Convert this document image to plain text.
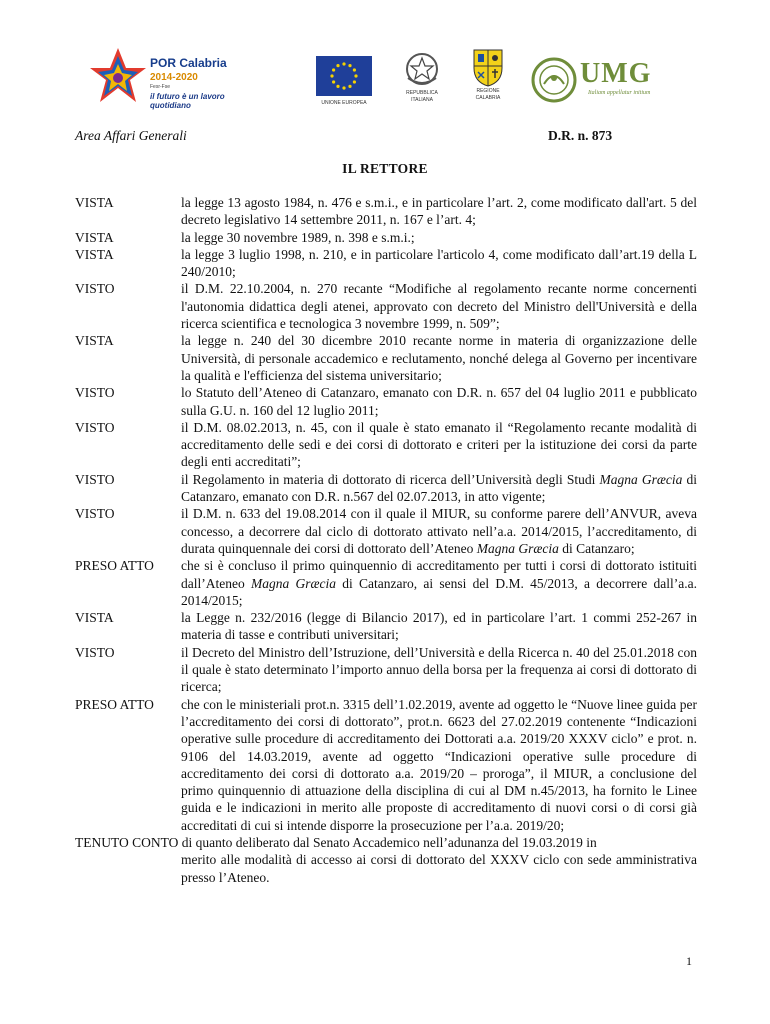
POR Calabria
2014-2020
Fesr-Fse
il futuro è un lavoro quotidiano	UNIONE EUROPEA
REPUBBLICA
ITALIANA
REGIONE
CALABRIA
UMG
Italiam appellatur initium
Area Affari Generali	D.R. n. 873
IL RETTORE
VISTA	la legge 13 agosto 1984, n. 476 e s.m.i., e in particolare l’art. 2, come modificato dall'art. 5 del decreto legislativo 14 settembre 2011, n. 167 e l’art. 4;
VISTA	la legge 30 novembre 1989, n. 398 e s.m.i.;
VISTA	la legge 3 luglio 1998, n. 210, e in particolare l'articolo 4, come modificato dall’art.19 della L 240/2010;
VISTO	il D.M. 22.10.2004, n. 270 recante “Modifiche al regolamento recante norme concernenti l'autonomia didattica degli atenei, approvato con decreto del Ministro dell'Università e della ricerca scientifica e tecnologica 3 novembre 1999, n. 509”;
VISTA	la legge n. 240 del 30 dicembre 2010 recante norme in materia di organizzazione delle Università, di personale accademico e reclutamento, nonché delega al Governo per incentivare la qualità e l'efficienza del sistema universitario;
VISTO	lo Statuto dell’Ateneo di Catanzaro, emanato con D.R. n. 657 del 04 luglio 2011 e pubblicato sulla G.U. n. 160 del 12 luglio 2011;
VISTO	il D.M. 08.02.2013, n. 45, con il quale è stato emanato il “Regolamento recante modalità di accreditamento delle sedi e dei corsi di dottorato e criteri per la istituzione dei corsi da parte degli enti accreditati”;
VISTO	il Regolamento in materia di dottorato di ricerca dell’Università degli Studi Magna Græcia di Catanzaro, emanato con D.R. n.567 del 02.07.2013, in atto vigente;
VISTO	il D.M. n. 633 del 19.08.2014 con il quale il MIUR, su conforme parere dell’ANVUR, aveva concesso, a decorrere dal ciclo di dottorato attivato nell’a.a. 2014/2015, l’accreditamento, di durata quinquennale dei corsi di dottorato dell’Ateneo Magna Græcia di Catanzaro;
PRESO ATTO che si è concluso il primo quinquennio di accreditamento per tutti i corsi di dottorato istituiti dall’Ateneo Magna Græcia di Catanzaro, ai sensi del D.M. 45/2013, a decorrere dall’a.a. 2014/2015;
VISTA	la Legge n. 232/2016 (legge di Bilancio 2017), ed in particolare l’art. 1 commi 252-267 in materia di tasse e contributi universitari;
VISTO	il Decreto del Ministro dell’Istruzione, dell’Università e della Ricerca n. 40 del 25.01.2018 con il quale è stato determinato l’importo annuo della borsa per la frequenza ai corsi di dottorato di ricerca;
PRESO ATTO che con le ministeriali prot.n. 3315 dell’1.02.2019, avente ad oggetto le “Nuove linee guida per l’accreditamento dei corsi di dottorato”, prot.n. 6623 del 27.02.2019 contenente “Indicazioni operative sulle procedure di accreditamento dei Dottorati a.a. 2019/20 XXXV ciclo” e prot. n. 9106 del 14.03.2019, avente ad oggetto “Indicazioni operative sulle procedure di accreditamento dei corsi di dottorato a.a. 2019/20 – proroga”, il MIUR, a conclusione del primo quinquennio di attuazione della disciplina di cui al DM n.45/2013, ha fornito le Linee guida e le indicazioni in merito alle proposte di accreditamento di nuovi corsi o di corsi già accreditati di cui si intende disporre la prosecuzione per l’a.a. 2019/20;
TENUTO CONTO di quanto deliberato dal Senato Accademico nell’adunanza del 19.03.2019 in
merito alle modalità di accesso ai corsi di dottorato del XXXV ciclo con sede amministrativa presso l’Ateneo.
1
